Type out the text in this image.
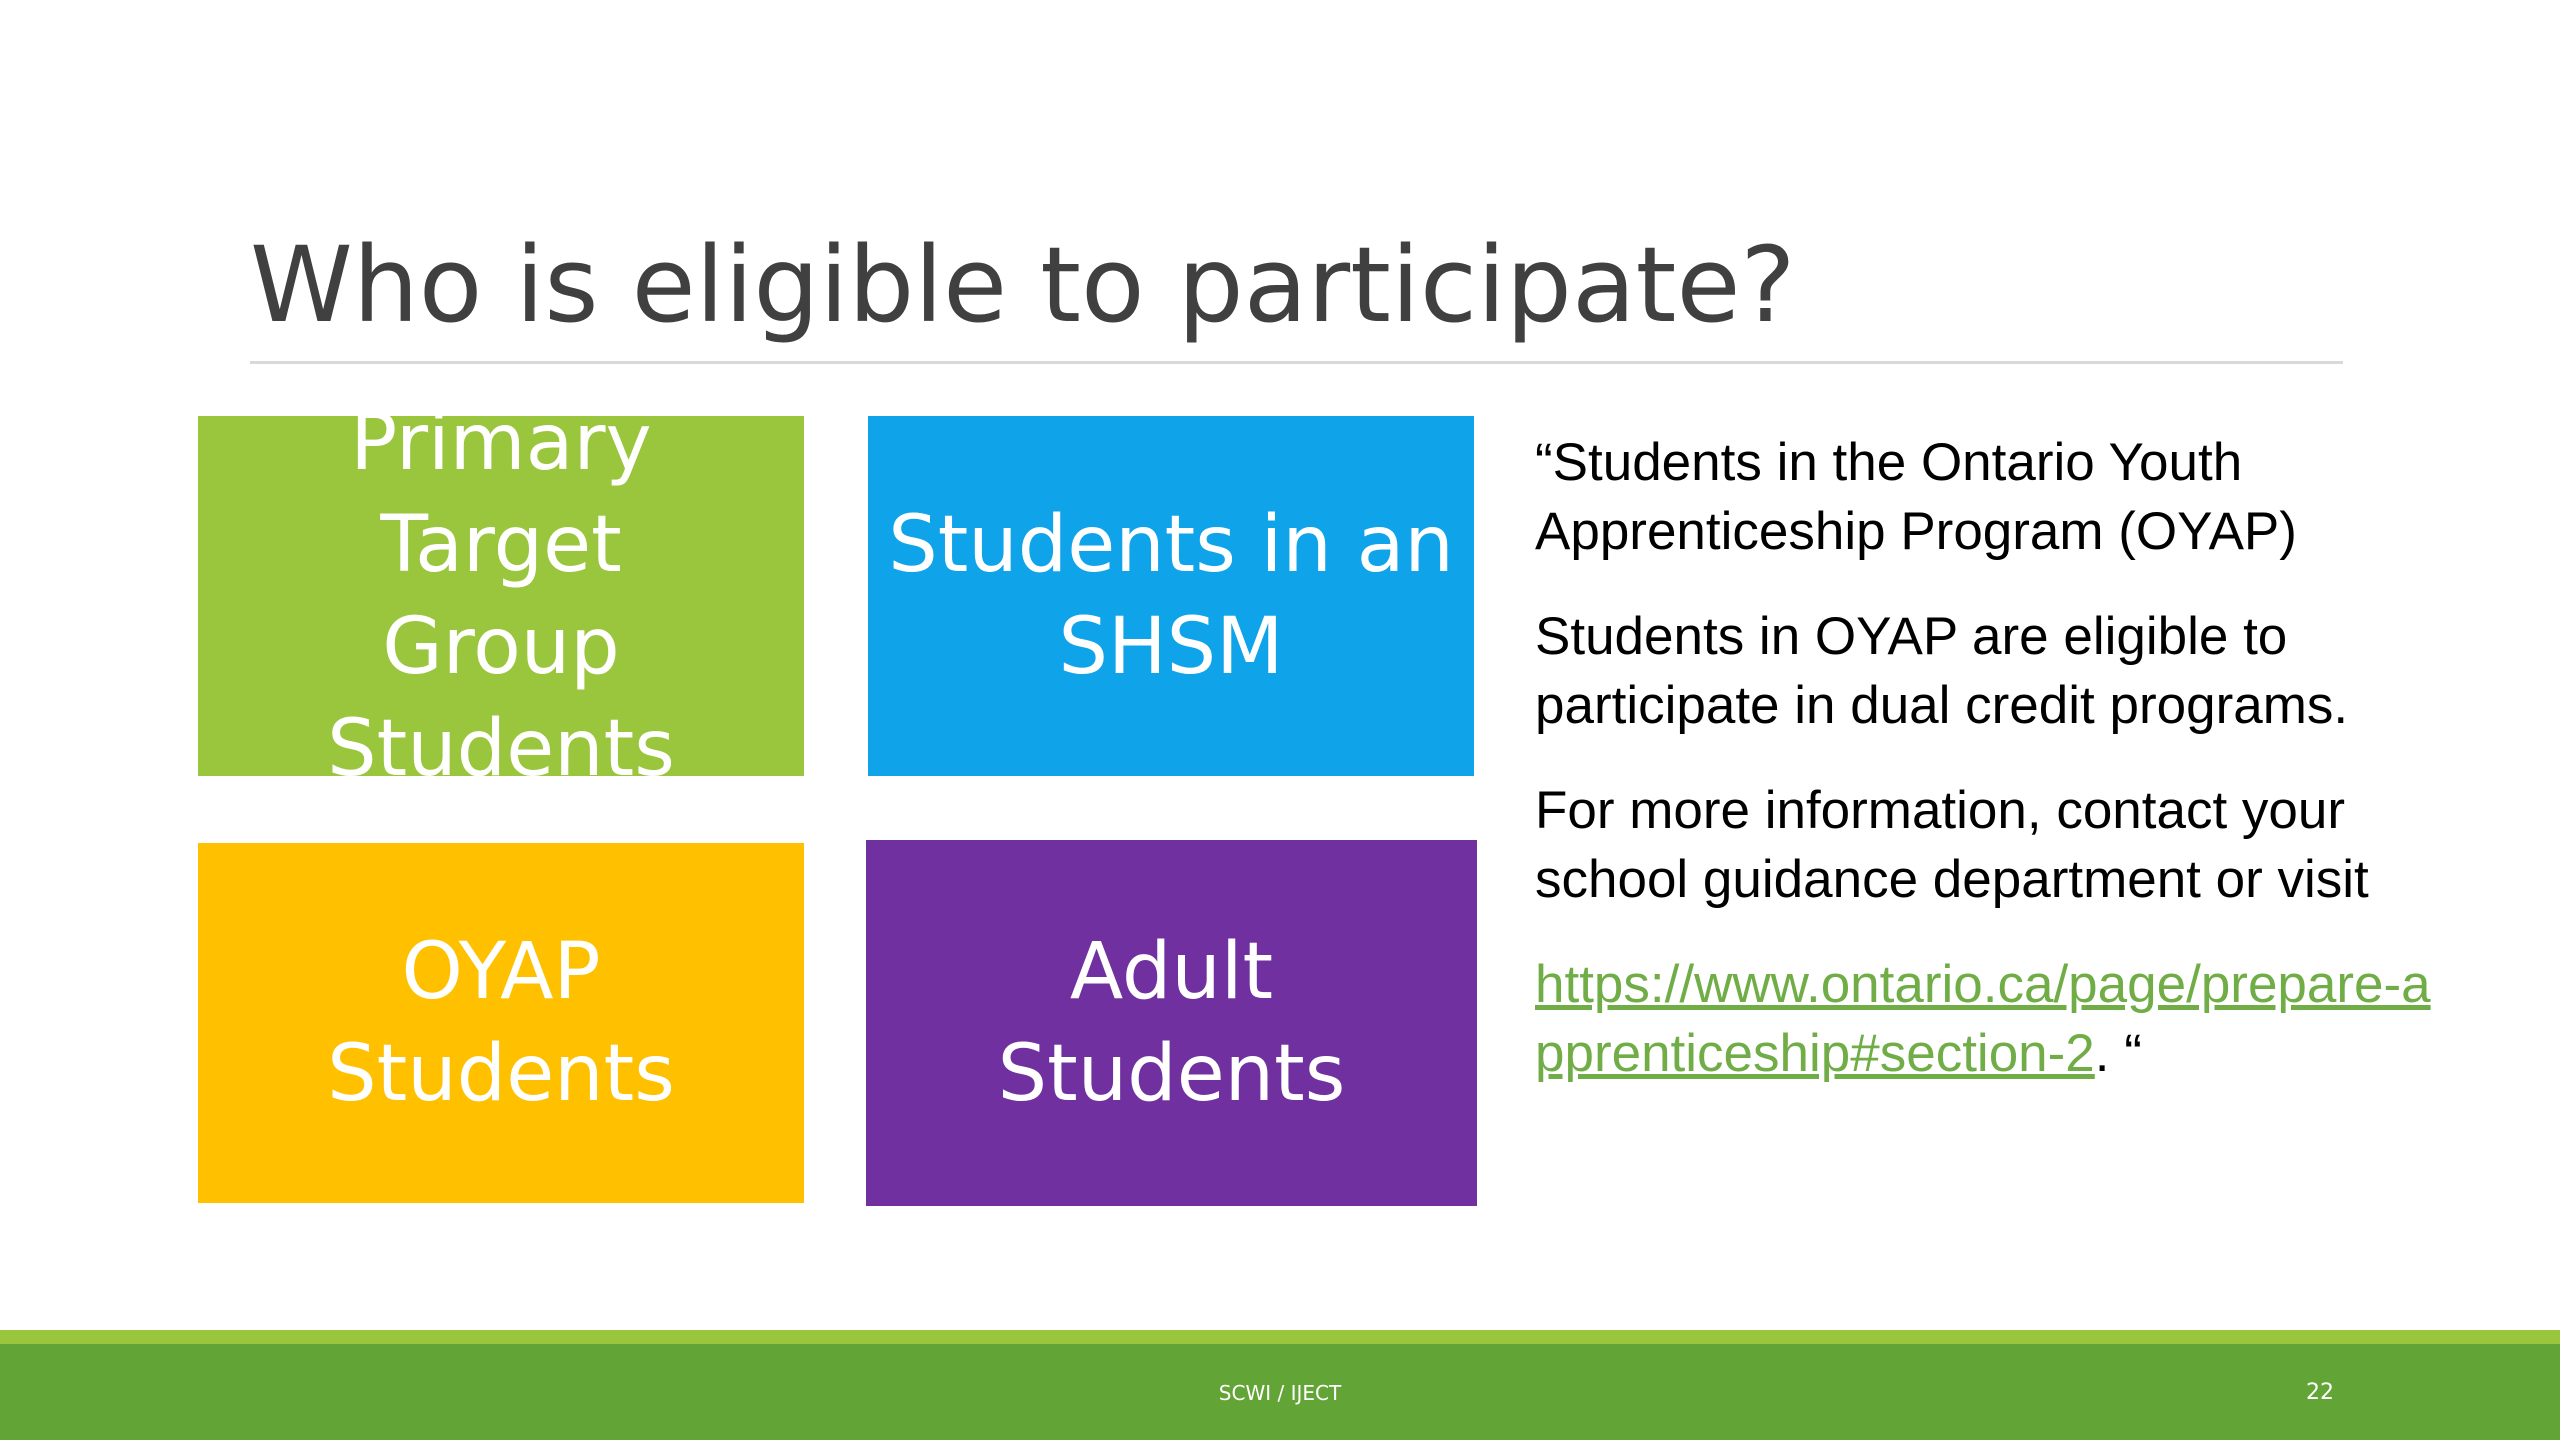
Who is eligible to participate?
Primary Target
Group
Students
Students in an
SHSM
OYAP
Students
Adult
Students

“Students in the Ontario Youth Apprenticeship Program (OYAP)

Students in OYAP are eligible to participate in dual credit programs.

For more information, contact your school guidance department or visit

https://www.ontario.ca/page/prepare-apprenticeship#section-2. “

SCWI / IJECT	22
